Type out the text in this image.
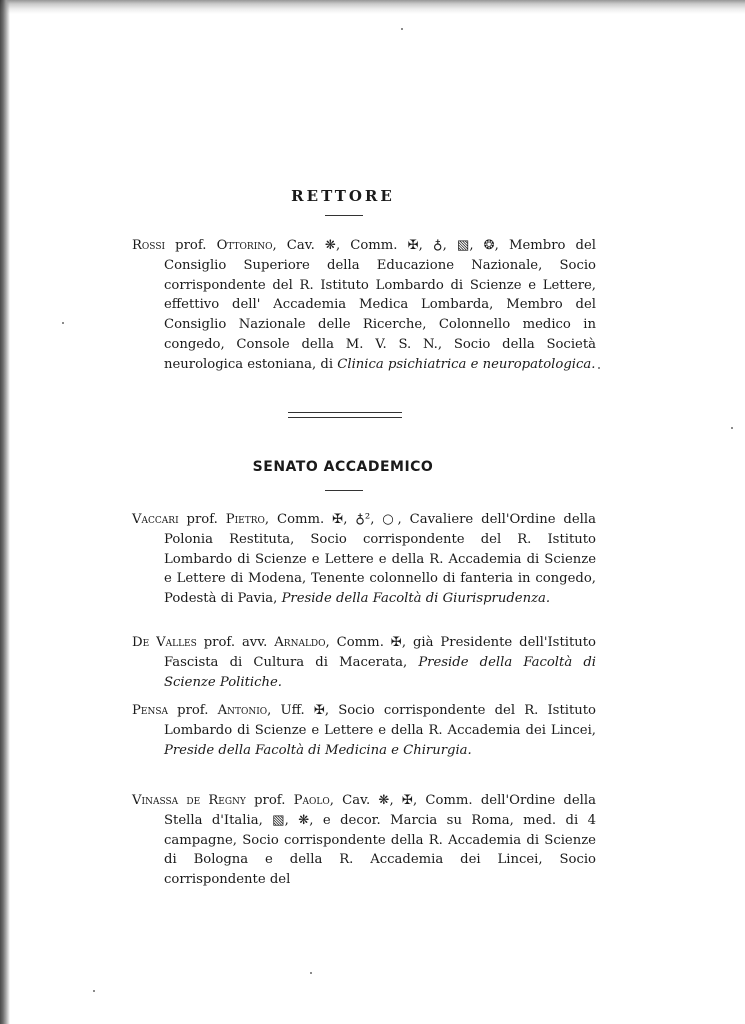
RETTORE
Rossi prof. Ottorino, Cav. ❋, Comm. ✠, ♁, ▧, ❂, Membro del Consiglio Superiore della Educazione Nazionale, Socio corrispondente del R. Istituto Lombardo di Scienze e Lettere, effettivo dell' Accademia Medica Lombarda, Membro del Consiglio Nazionale delle Ricerche, Colonnello medico in congedo, Console della M. V. S. N., Socio della Società neurologica estoniana, di Clinica psichiatrica e neuropatologica.
SENATO ACCADEMICO
Vaccari prof. Pietro, Comm. ✠, ♁², ○, Cavaliere dell'Ordine della Polonia Restituta, Socio corrispondente del R. Istituto Lombardo di Scienze e Lettere e della R. Accademia di Scienze e Lettere di Modena, Tenente colonnello di fanteria in congedo, Podestà di Pavia, Preside della Facoltà di Giurisprudenza.
De Valles prof. avv. Arnaldo, Comm. ✠, già Presidente dell'Istituto Fascista di Cultura di Macerata, Preside della Facoltà di Scienze Politiche.
Pensa prof. Antonio, Uff. ✠, Socio corrispondente del R. Istituto Lombardo di Scienze e Lettere e della R. Accademia dei Lincei, Preside della Facoltà di Medicina e Chirurgia.
Vinassa de Regny prof. Paolo, Cav. ❋, ✠, Comm. dell'Ordine della Stella d'Italia, ▧, ❋, e decor. Marcia su Roma, med. di 4 campagne, Socio corrispondente della R. Accademia di Scienze di Bologna e della R. Accademia dei Lincei, Socio corrispondente del
